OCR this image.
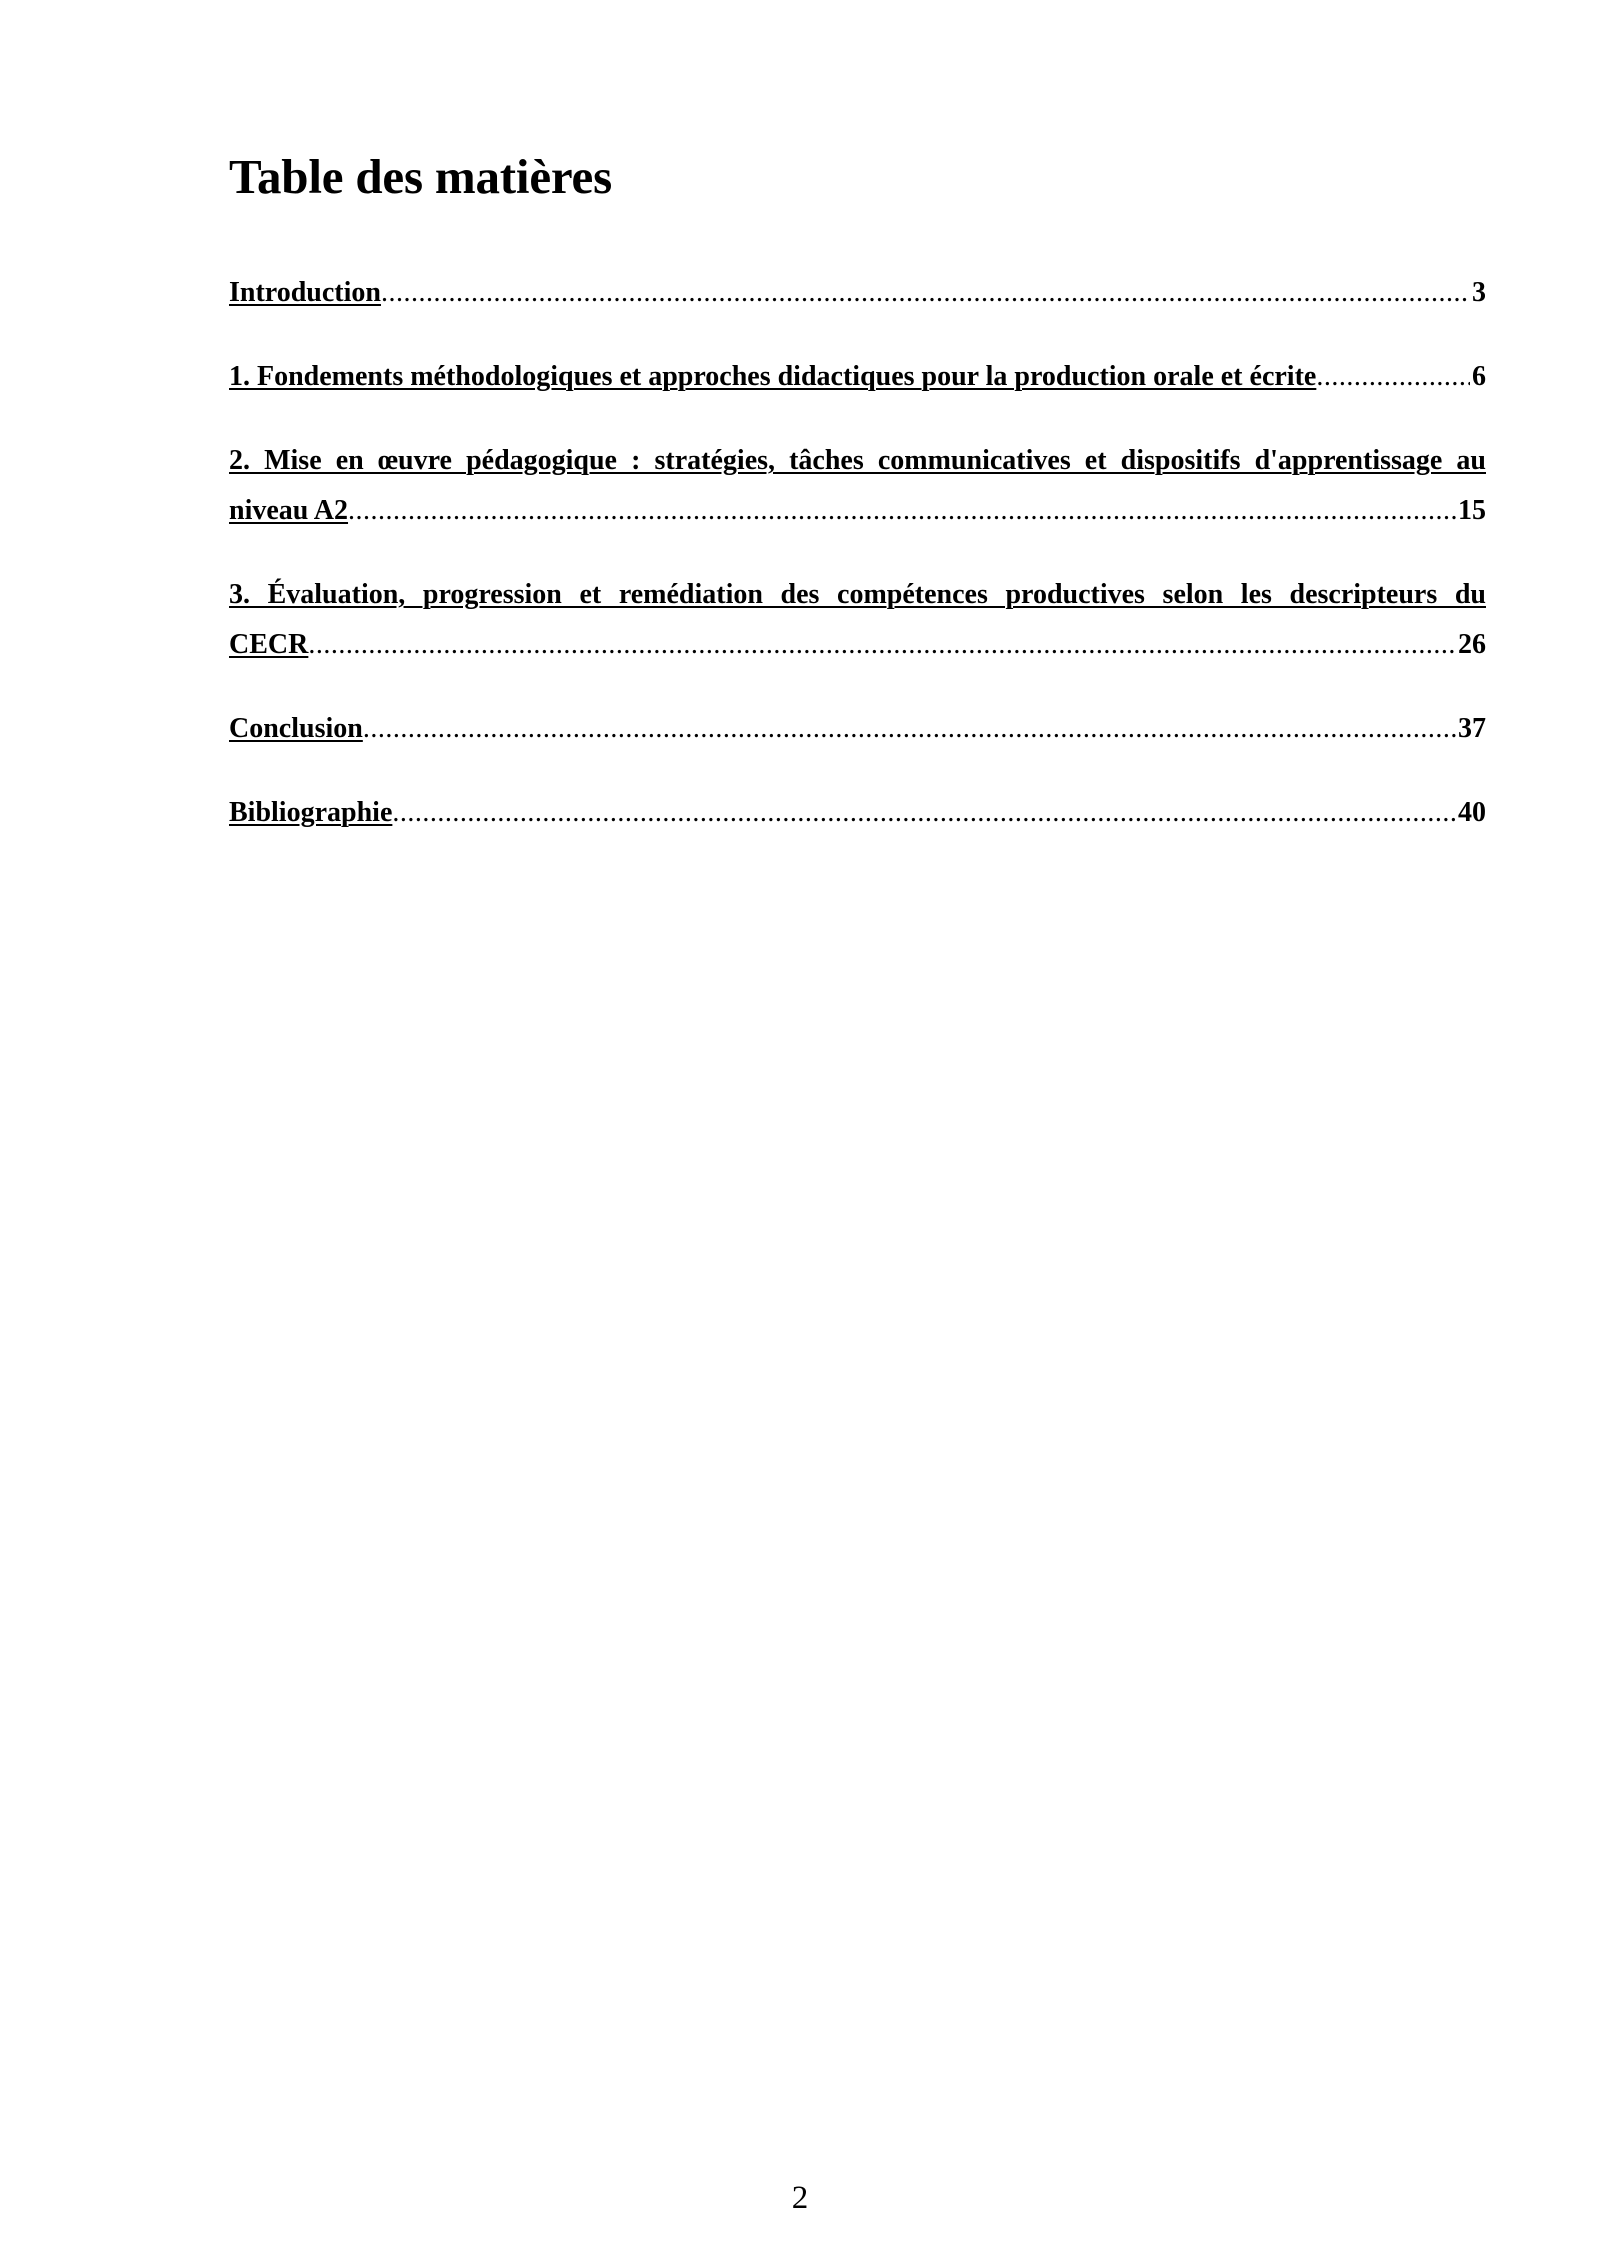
Table des matières
Introduction .....	3
1. Fondements méthodologiques et approches didactiques pour la production orale et écrite .....	6
2. Mise en œuvre pédagogique : stratégies, tâches communicatives et dispositifs d'apprentissage au
niveau A2 .....	15
3. Évaluation, progression et remédiation des compétences productives selon les descripteurs du
CECR .....	26
Conclusion .....	37
Bibliographie .....	40
2
